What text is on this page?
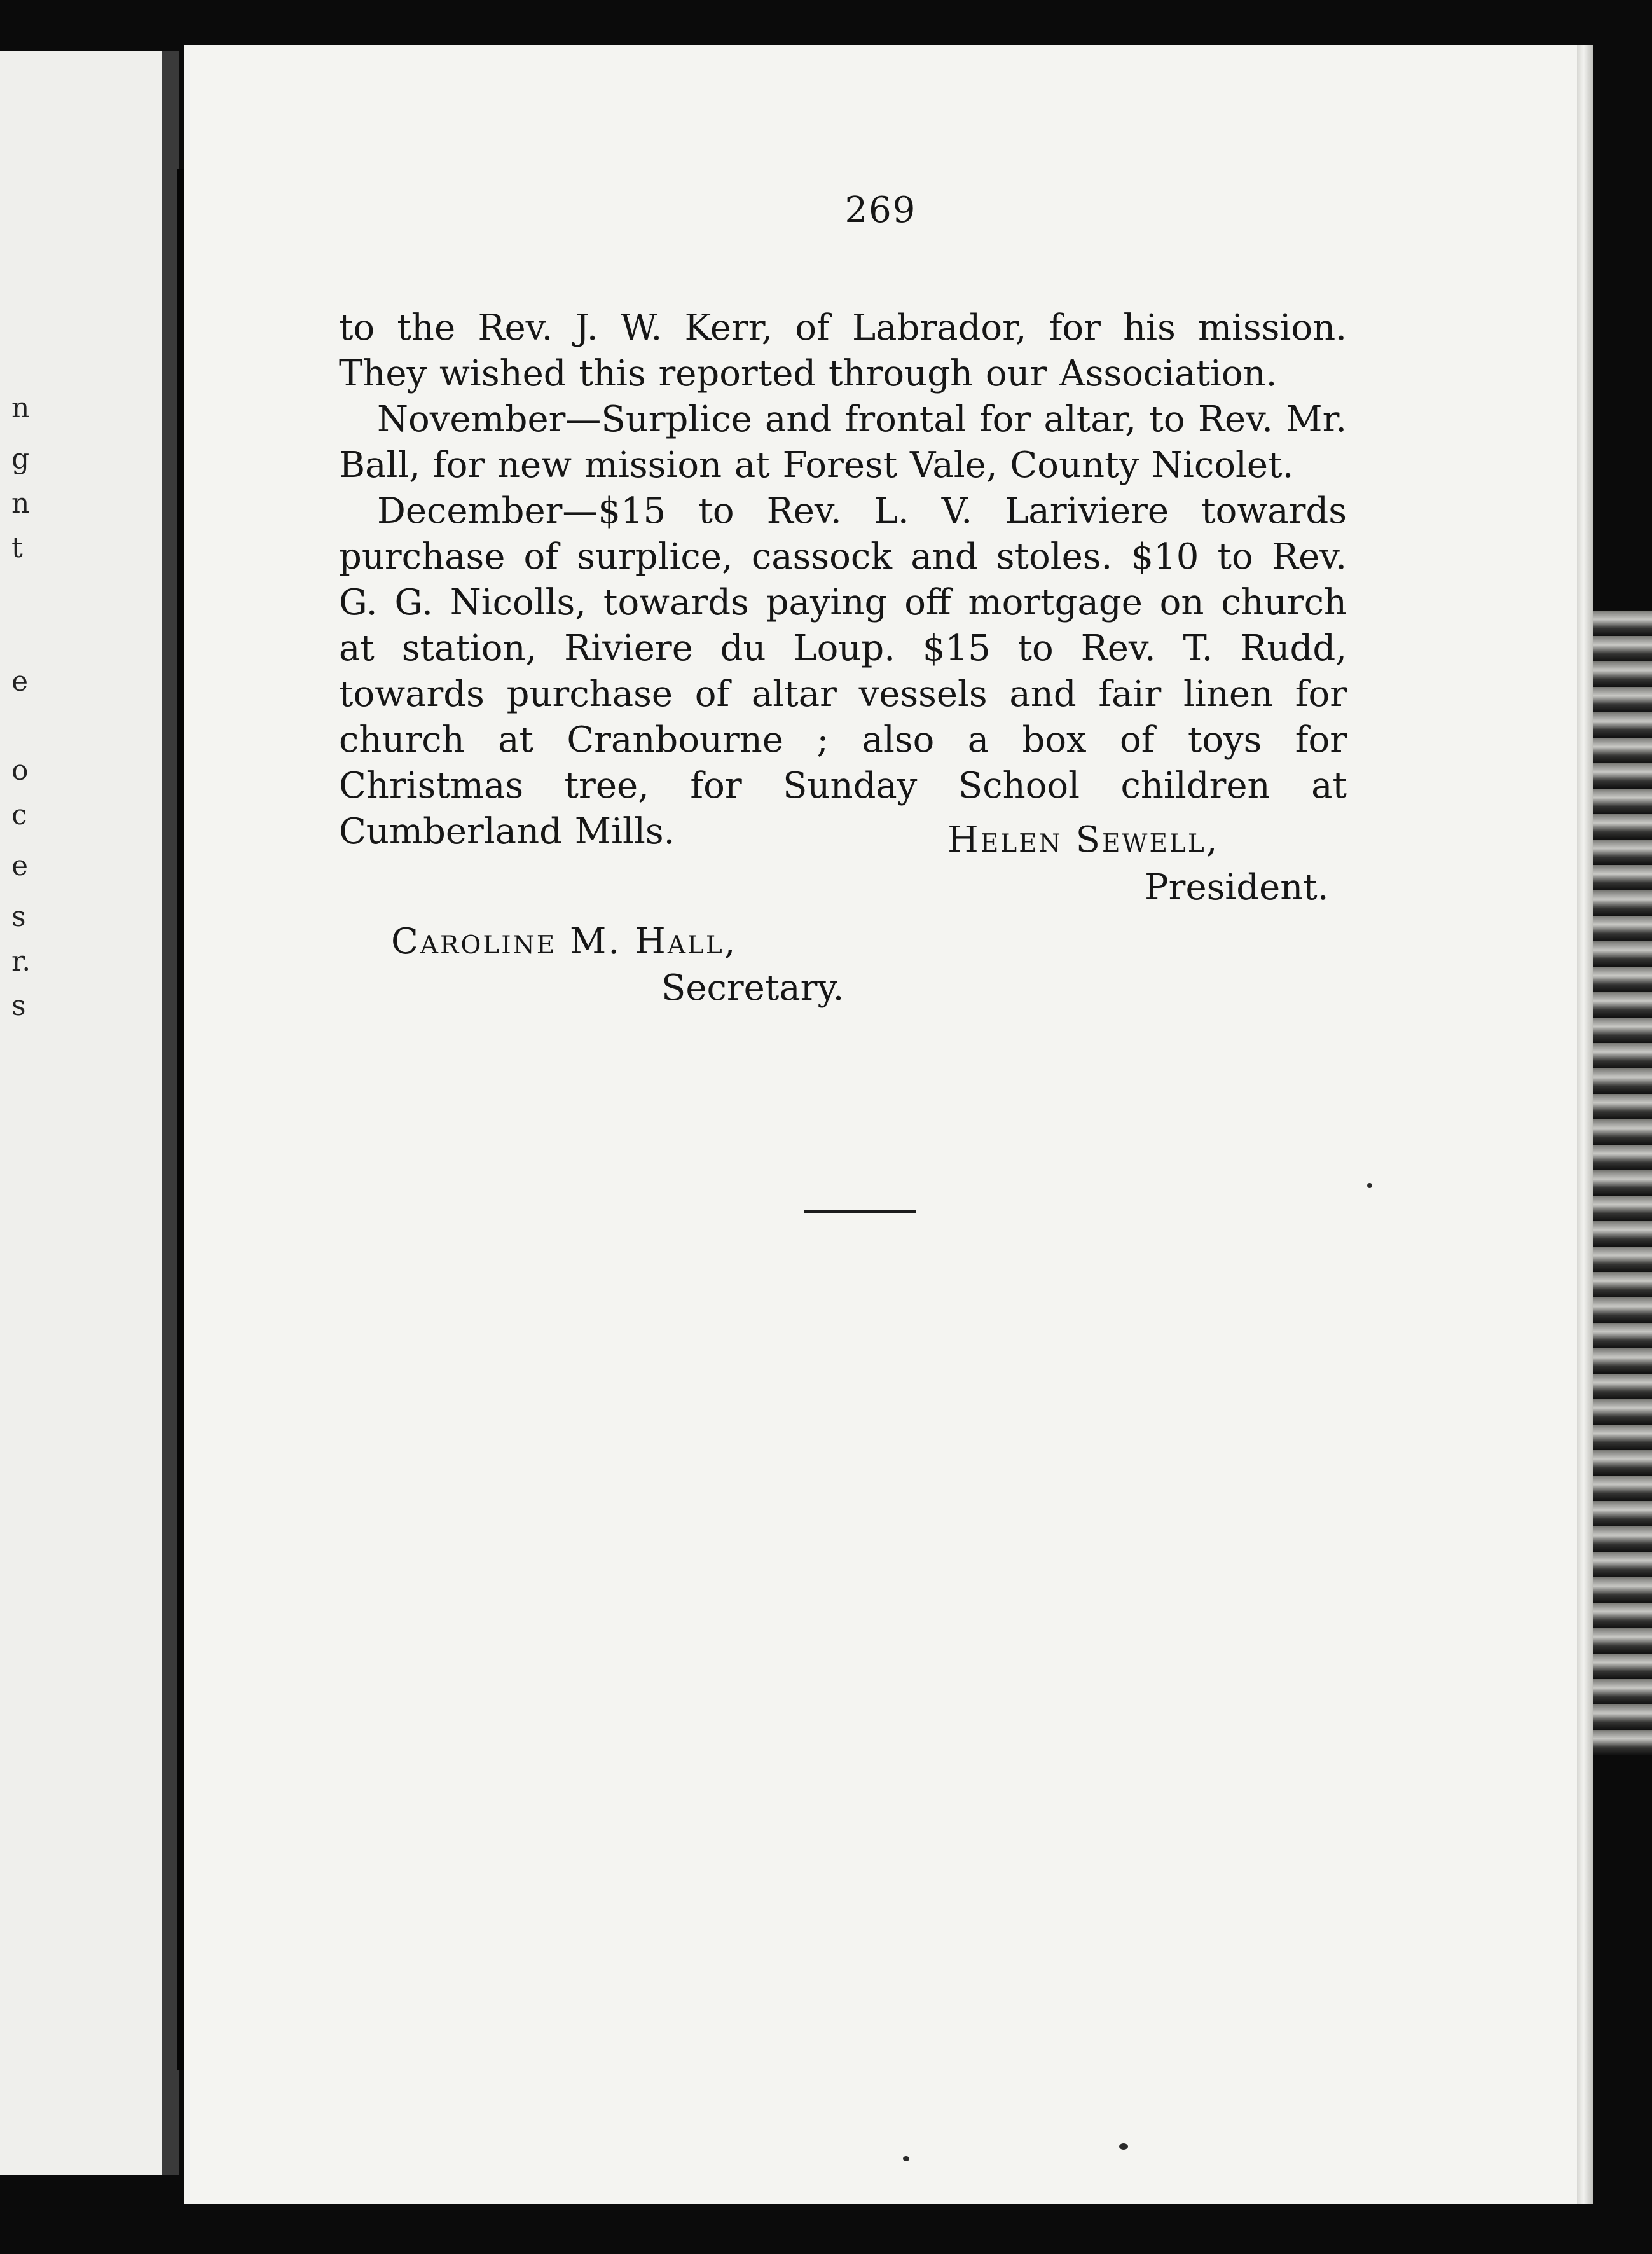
n
g
n
t
e
o
c
e
s
r.
s
269

to the Rev. J. W. Kerr, of Labrador, for his mission. They wished this reported through our Association.

November—Surplice and frontal for altar, to Rev. Mr. Ball, for new mission at Forest Vale, County Nicolet.

December—$15 to Rev. L. V. Lariviere towards purchase of surplice, cassock and stoles. $10 to Rev. G. G. Nicolls, towards paying off mortgage on church at station, Riviere du Loup. $15 to Rev. T. Rudd, towards purchase of altar vessels and fair linen for church at Cranbourne ; also a box of toys for Christmas tree, for Sunday School children at Cumberland Mills.	Helen Sewell,
President.
Caroline M. Hall,
Secretary.
